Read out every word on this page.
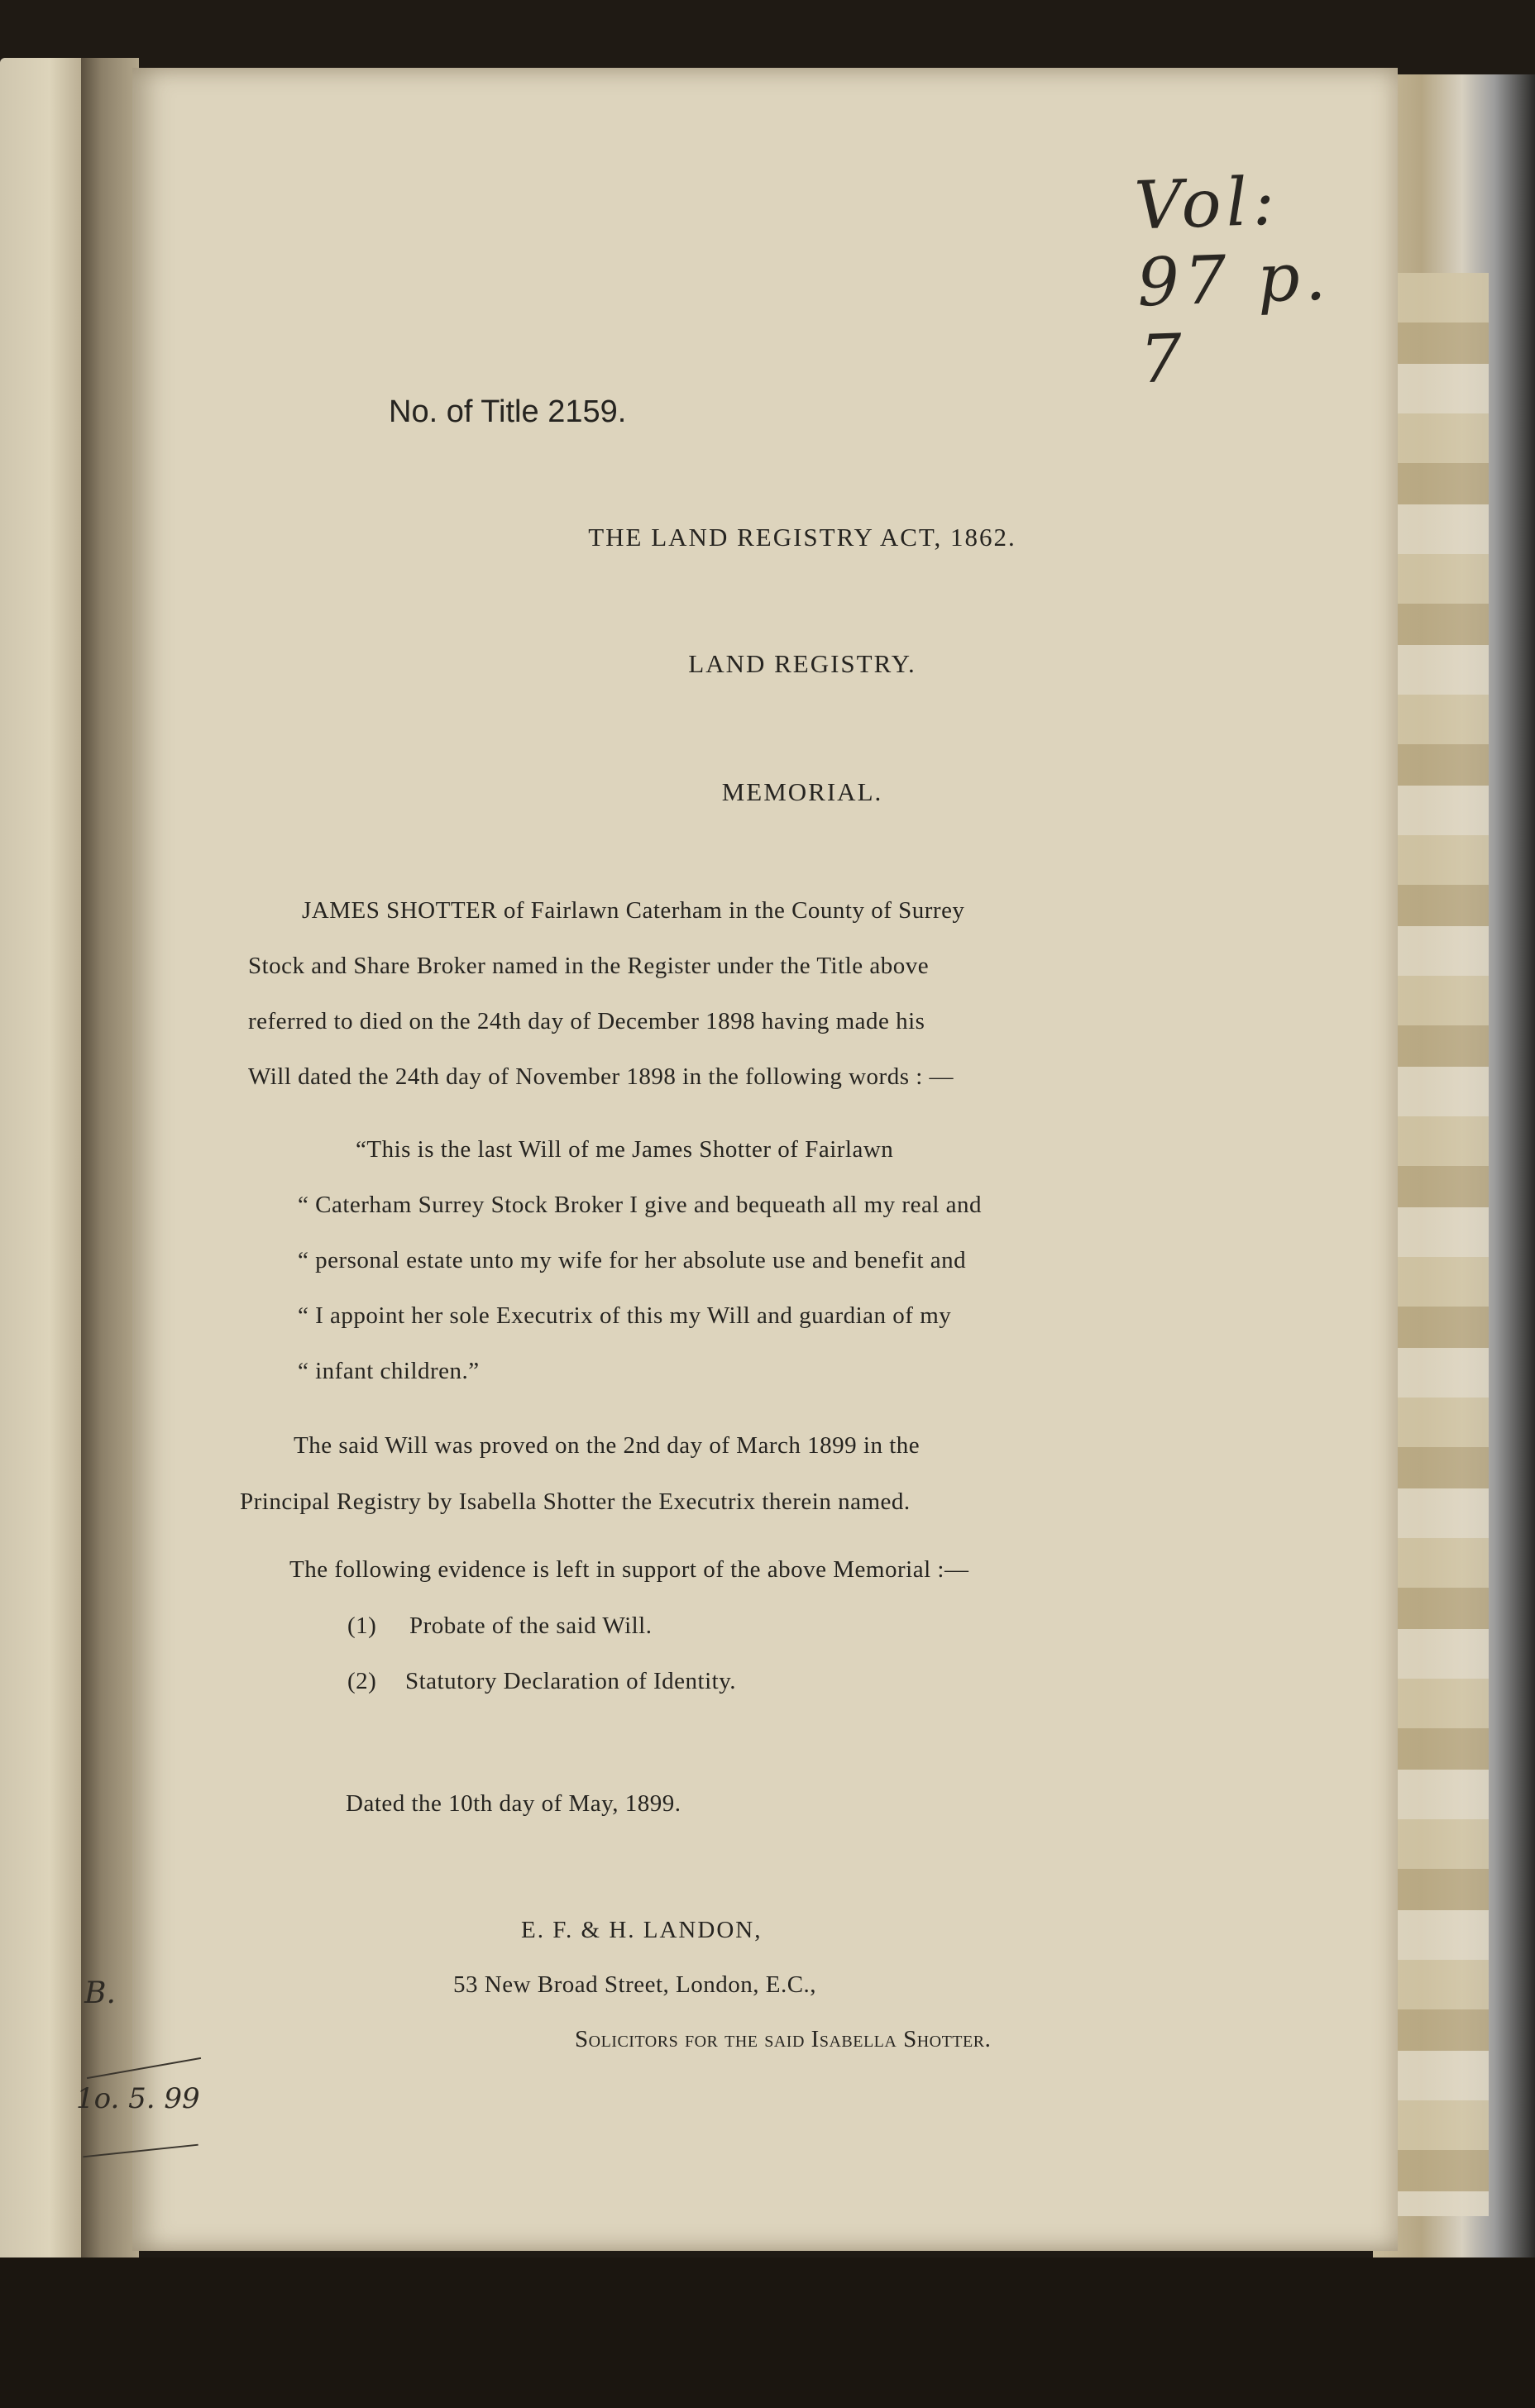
Vol: 97 p. 7

No. of Title 2159.

THE LAND REGISTRY ACT, 1862.

LAND REGISTRY.

MEMORIAL.

JAMES SHOTTER of Fairlawn Caterham in the County of Surrey

Stock and Share Broker named in the Register under the Title above

referred to died on the 24th day of December 1898 having made his

Will dated the 24th day of November 1898 in the following words : —

“This is the last Will of me James Shotter of Fairlawn

“ Caterham Surrey Stock Broker I give and bequeath all my real and

“ personal estate unto my wife for her absolute use and benefit and

“ I appoint her sole Executrix of this my Will and guardian of my

“ infant children.”

The said Will was proved on the 2nd day of March 1899 in the

Principal Registry by Isabella Shotter the Executrix therein named.

The following evidence is left in support of the above Memorial :—

(1) Probate of the said Will.

(2) Statutory Declaration of Identity.

Dated the 10th day of May, 1899.

E. F. & H. LANDON,

53 New Broad Street, London, E.C.,

Solicitors for the said Isabella Shotter.

B.
1o. 5. 99
